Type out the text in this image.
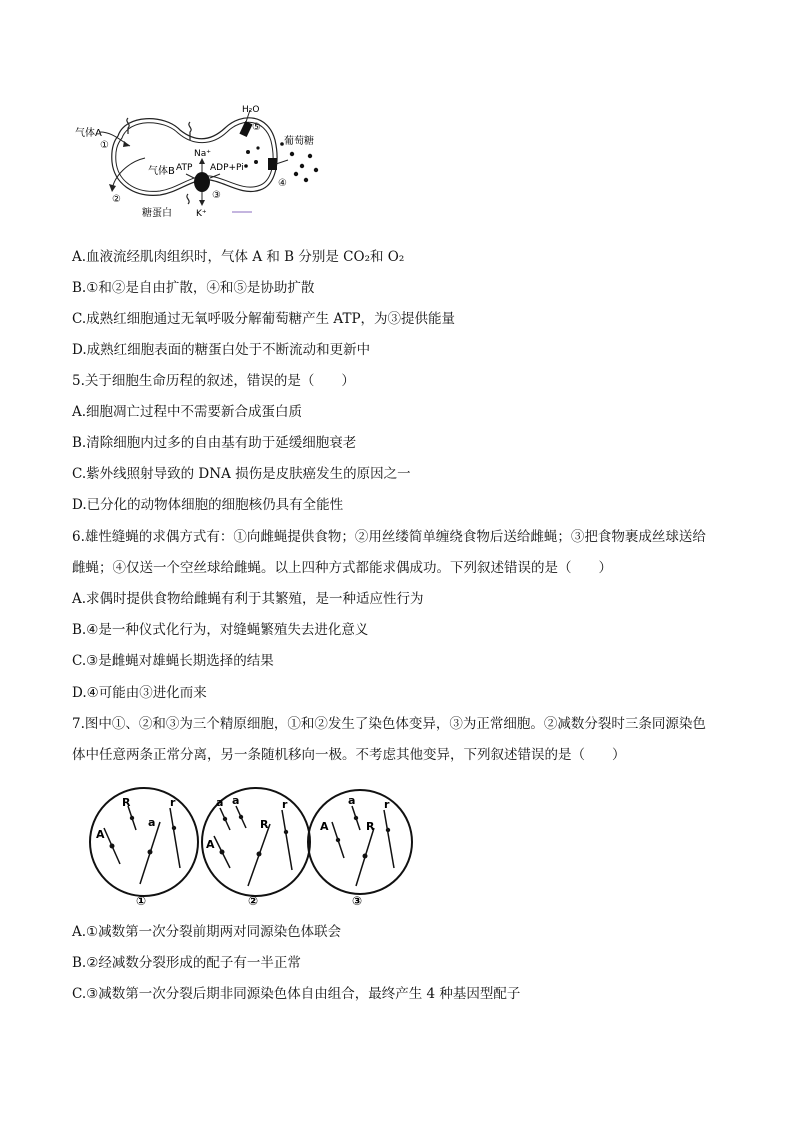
气体A
①
气体B
②
H₂O
⑤
葡萄糖
④
Na⁺
ATP ADP+Pi
③
K⁺
糖蛋白
A.血液流经肌肉组织时，气体 A 和 B 分别是 CO₂和 O₂
B.①和②是自由扩散，④和⑤是协助扩散
C.成熟红细胞通过无氧呼吸分解葡萄糖产生 ATP，为③提供能量
D.成熟红细胞表面的糖蛋白处于不断流动和更新中
5.关于细胞生命历程的叙述，错误的是（　　）
A.细胞凋亡过程中不需要新合成蛋白质
B.清除细胞内过多的自由基有助于延缓细胞衰老
C.紫外线照射导致的 DNA 损伤是皮肤癌发生的原因之一
D.已分化的动物体细胞的细胞核仍具有全能性
6.雄性缝蝇的求偶方式有：①向雌蝇提供食物；②用丝缕简单缠绕食物后送给雌蝇；③把食物裹成丝球送给
雌蝇；④仅送一个空丝球给雌蝇。以上四种方式都能求偶成功。下列叙述错误的是（　　）
A.求偶时提供食物给雌蝇有利于其繁殖，是一种适应性行为
B.④是一种仪式化行为，对缝蝇繁殖失去进化意义
C.③是雌蝇对雄蝇长期选择的结果
D.④可能由③进化而来
7.图中①、②和③为三个精原细胞，①和②发生了染色体变异，③为正常细胞。②减数分裂时三条同源染色
体中任意两条正常分离，另一条随机移向一极。不考虑其他变异，下列叙述错误的是（　　）
A
R
a
r
①
A
a a
R
r
②
A
a
R
r
③
A.①减数第一次分裂前期两对同源染色体联会
B.②经减数分裂形成的配子有一半正常
C.③减数第一次分裂后期非同源染色体自由组合，最终产生 4 种基因型配子
